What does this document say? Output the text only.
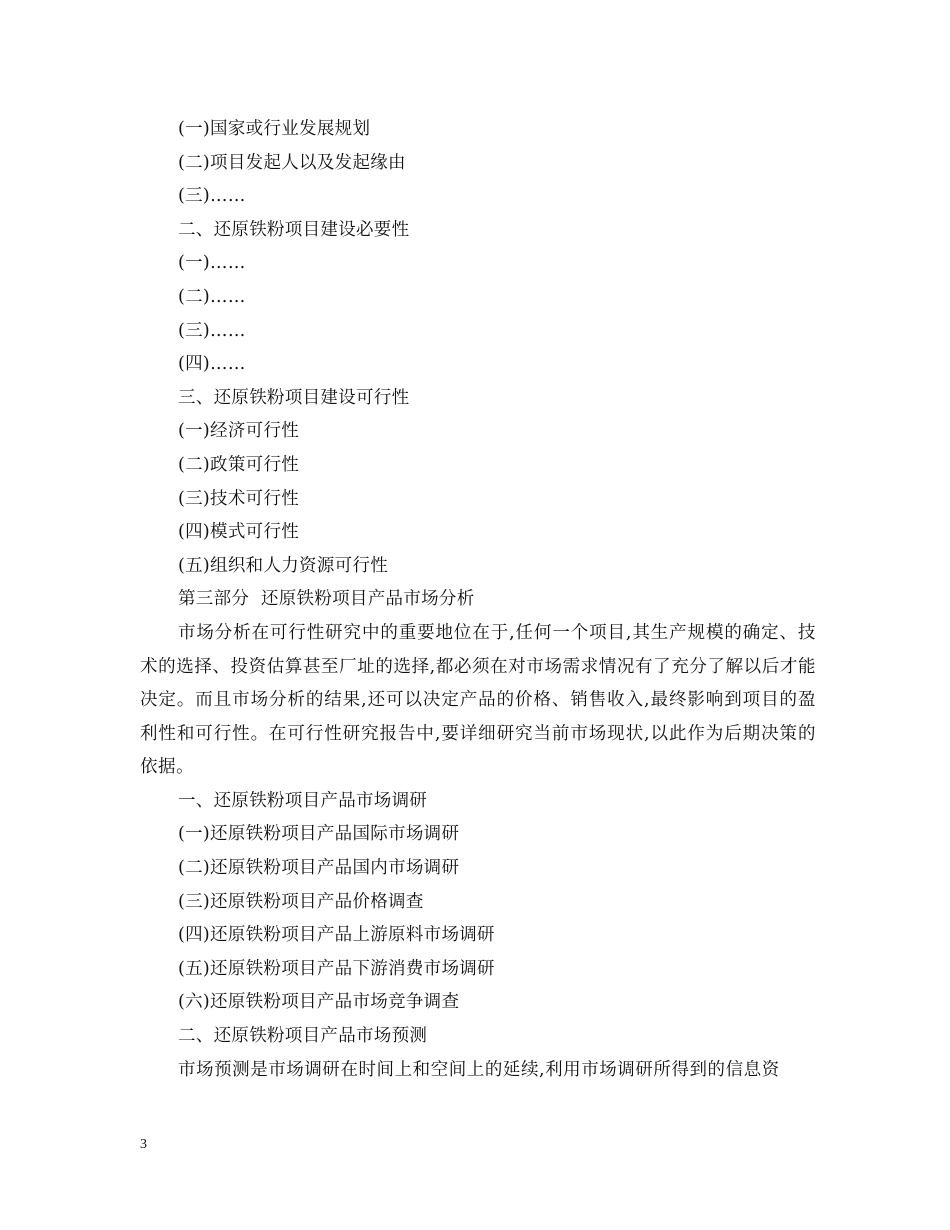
(一)国家或行业发展规划
(二)项目发起人以及发起缘由
(三)……
二、还原铁粉项目建设必要性
(一)……
(二)……
(三)……
(四)……
三、还原铁粉项目建设可行性
(一)经济可行性
(二)政策可行性
(三)技术可行性
(四)模式可行性
(五)组织和人力资源可行性
第三部分  还原铁粉项目产品市场分析

市场分析在可行性研究中的重要地位在于,任何一个项目,其生产规模的确定、技术的选择、投资估算甚至厂址的选择,都必须在对市场需求情况有了充分了解以后才能决定。而且市场分析的结果,还可以决定产品的价格、销售收入,最终影响到项目的盈利性和可行性。在可行性研究报告中,要详细研究当前市场现状,以此作为后期决策的依据。

一、还原铁粉项目产品市场调研
(一)还原铁粉项目产品国际市场调研
(二)还原铁粉项目产品国内市场调研
(三)还原铁粉项目产品价格调查
(四)还原铁粉项目产品上游原料市场调研
(五)还原铁粉项目产品下游消费市场调研
(六)还原铁粉项目产品市场竞争调查
二、还原铁粉项目产品市场预测

市场预测是市场调研在时间上和空间上的延续,利用市场调研所得到的信息资

3
